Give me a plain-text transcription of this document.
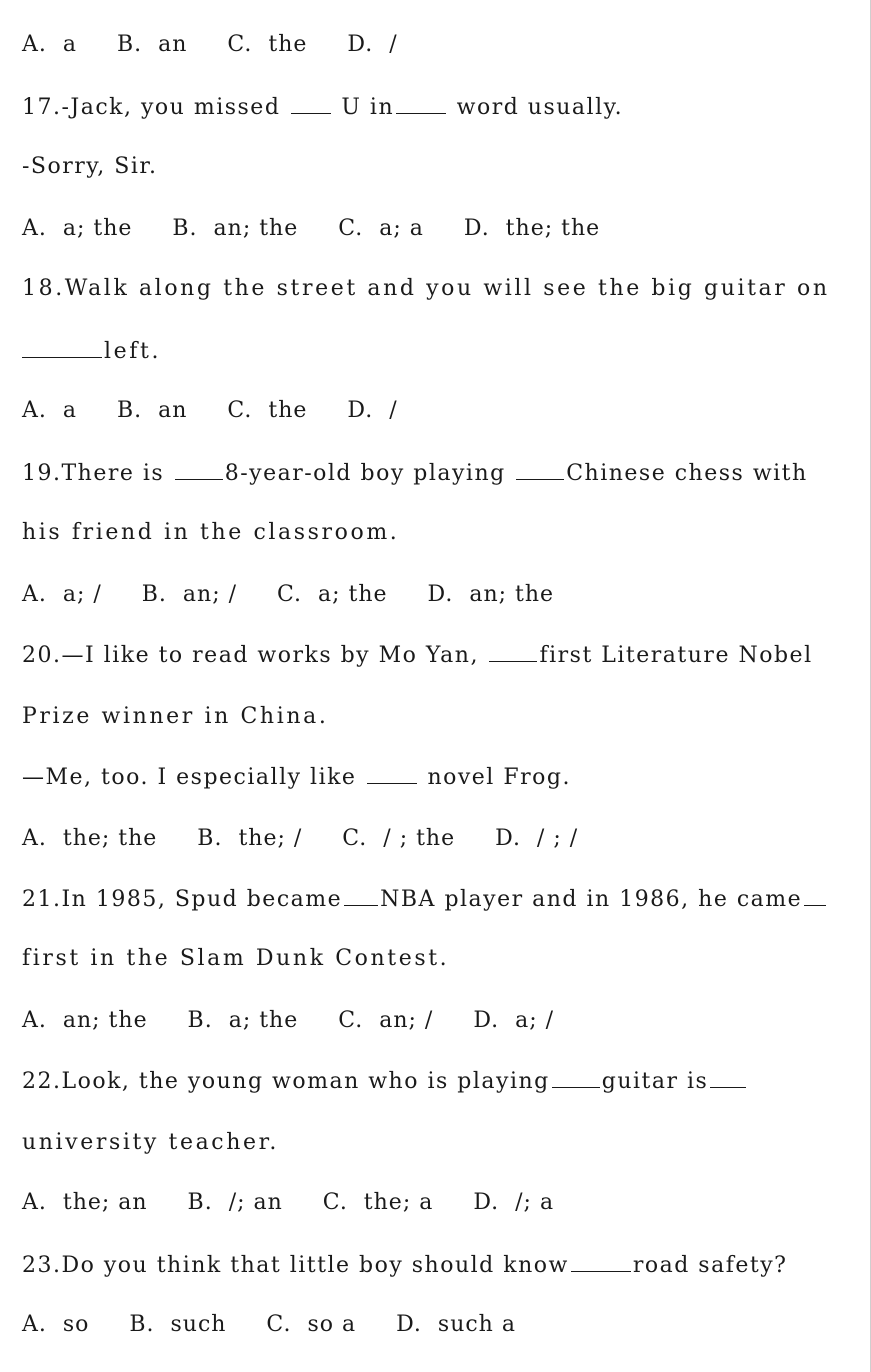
A.  a     B.  an     C.  the     D.  /
17.-Jack, you missed  U in word usually.
-Sorry, Sir.
A.  a; the     B.  an; the     C.  a; a     D.  the; the
18.Walk along the street and you will see the big guitar on
left.
A.  a     B.  an     C.  the     D.  /
19.There is 8-year-old boy playing Chinese chess with
his friend in the classroom.
A.  a; /     B.  an; /     C.  a; the     D.  an; the
20.—I like to read works by Mo Yan, first Literature Nobel
Prize winner in China.
—Me, too. I especially like  novel Frog.
A.  the; the     B.  the; /     C.  / ; the     D.  / ; /
21.In 1985, Spud became NBA player and in 1986, he came
first in the Slam Dunk Contest.
A.  an; the     B.  a; the     C.  an; /     D.  a; /
22.Look, the young woman who is playing guitar is
university teacher.
A.  the; an     B.  /; an     C.  the; a     D.  /; a
23.Do you think that little boy should know	road safety?
A.  so     B.  such     C.  so a     D.  such a
